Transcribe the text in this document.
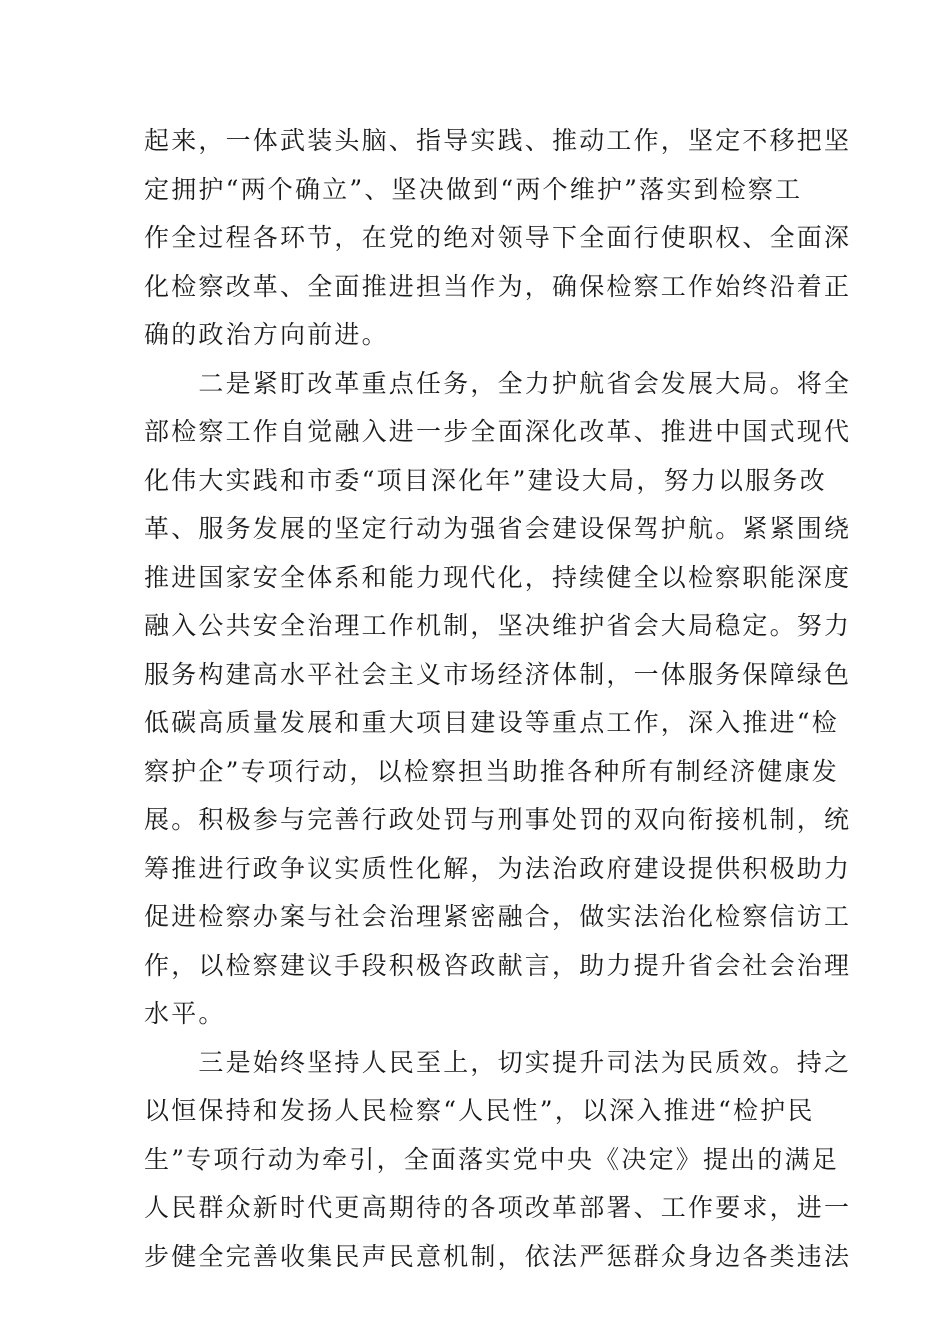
起来，一体武装头脑、指导实践、推动工作，坚定不移把坚
定拥护“两个确立”、坚决做到“两个维护”落实到检察工
作全过程各环节，在党的绝对领导下全面行使职权、全面深
化检察改革、全面推进担当作为，确保检察工作始终沿着正
确的政治方向前进。
　　二是紧盯改革重点任务，全力护航省会发展大局。将全
部检察工作自觉融入进一步全面深化改革、推进中国式现代
化伟大实践和市委“项目深化年”建设大局，努力以服务改
革、服务发展的坚定行动为强省会建设保驾护航。紧紧围绕
推进国家安全体系和能力现代化，持续健全以检察职能深度
融入公共安全治理工作机制，坚决维护省会大局稳定。努力
服务构建高水平社会主义市场经济体制，一体服务保障绿色
低碳高质量发展和重大项目建设等重点工作，深入推进“检
察护企”专项行动，以检察担当助推各种所有制经济健康发
展。积极参与完善行政处罚与刑事处罚的双向衔接机制，统
筹推进行政争议实质性化解，为法治政府建设提供积极助力
促进检察办案与社会治理紧密融合，做实法治化检察信访工
作，以检察建议手段积极咨政献言，助力提升省会社会治理
水平。
　　三是始终坚持人民至上，切实提升司法为民质效。持之
以恒保持和发扬人民检察“人民性”，以深入推进“检护民
生”专项行动为牵引，全面落实党中央《决定》提出的满足
人民群众新时代更高期待的各项改革部署、工作要求，进一
步健全完善收集民声民意机制，依法严惩群众身边各类违法
